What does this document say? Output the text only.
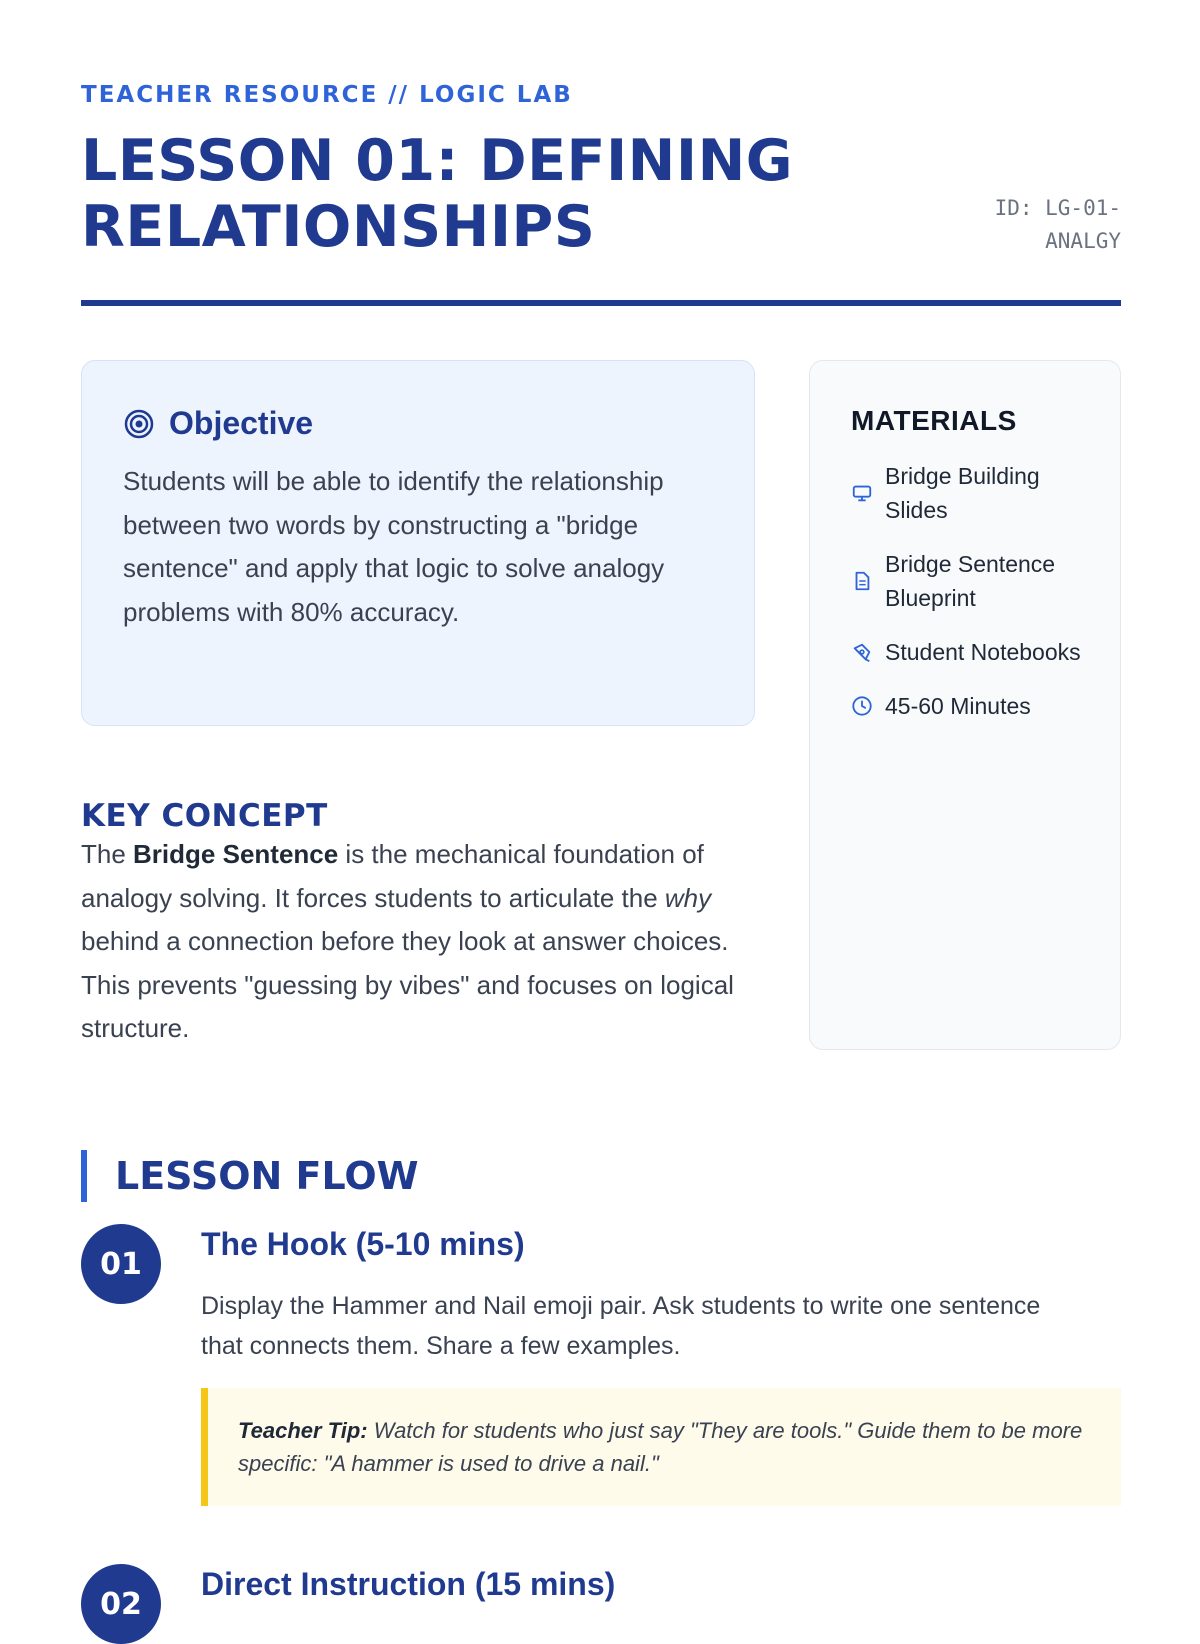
TEACHER RESOURCE // LOGIC LAB
LESSON 01: DEFINING RELATIONSHIPS	ID: LG-01-ANALGY
Objective

Students will be able to identify the relationship between two words by constructing a "bridge sentence" and apply that logic to solve analogy problems with 80% accuracy.

MATERIALS
Bridge Building Slides
Bridge Sentence Blueprint
Student Notebooks
45-60 Minutes
KEY CONCEPT

The Bridge Sentence is the mechanical foundation of analogy solving. It forces students to articulate the why behind a connection before they look at answer choices. This prevents "guessing by vibes" and focuses on logical structure.

LESSON FLOW
01
The Hook (5-10 mins)

Display the Hammer and Nail emoji pair. Ask students to write one sentence that connects them. Share a few examples.

Teacher Tip: Watch for students who just say "They are tools." Guide them to be more specific: "A hammer is used to drive a nail."
02
Direct Instruction (15 mins)
